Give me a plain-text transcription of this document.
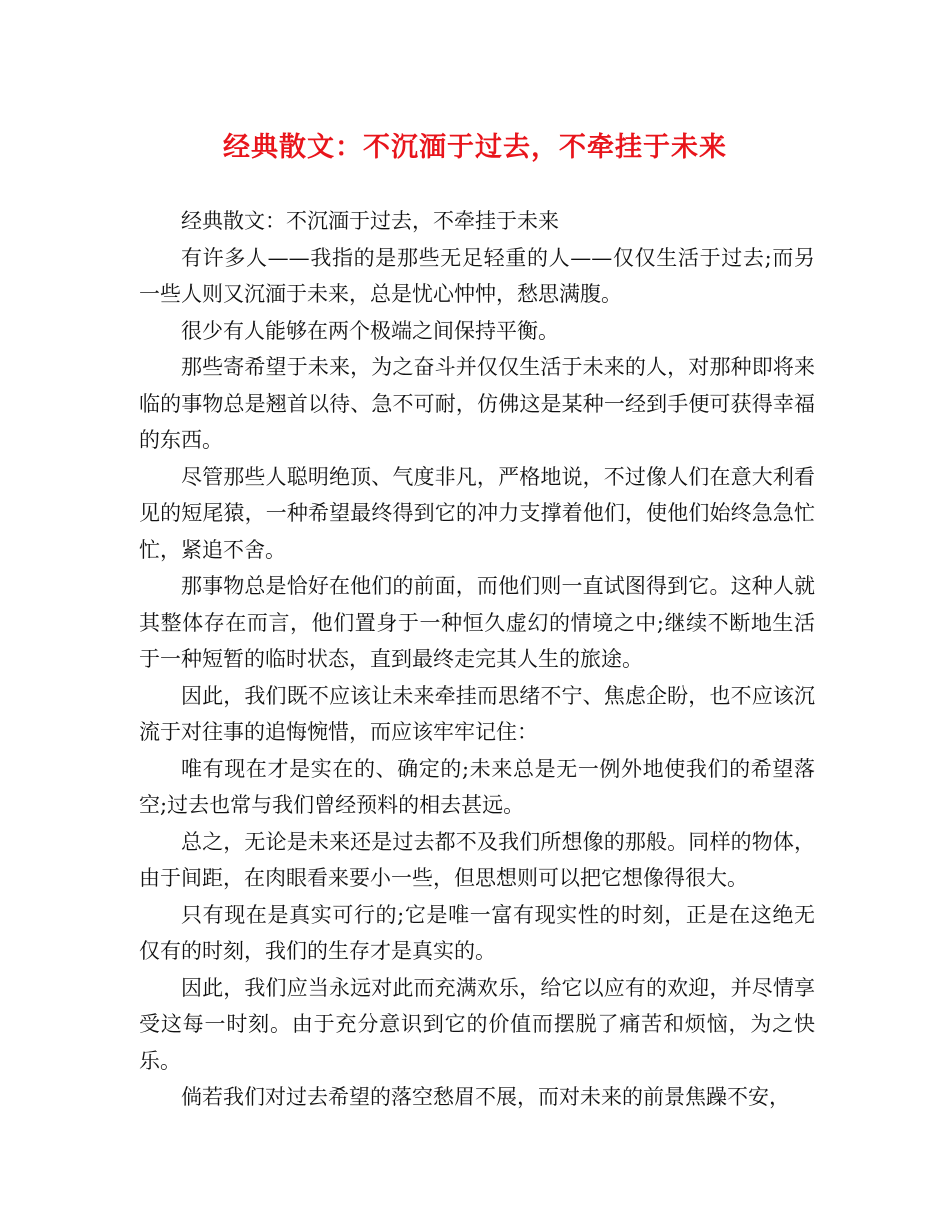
经典散文：不沉湎于过去，不牵挂于未来

经典散文：不沉湎于过去，不牵挂于未来

有许多人——我指的是那些无足轻重的人——仅仅生活于过去;而另一些人则又沉湎于未来，总是忧心忡忡，愁思满腹。

很少有人能够在两个极端之间保持平衡。

那些寄希望于未来，为之奋斗并仅仅生活于未来的人，对那种即将来临的事物总是翘首以待、急不可耐，仿佛这是某种一经到手便可获得幸福的东西。

尽管那些人聪明绝顶、气度非凡，严格地说，不过像人们在意大利看见的短尾猿，一种希望最终得到它的冲力支撑着他们，使他们始终急急忙忙，紧追不舍。

那事物总是恰好在他们的前面，而他们则一直试图得到它。这种人就其整体存在而言，他们置身于一种恒久虚幻的情境之中;继续不断地生活于一种短暂的临时状态，直到最终走完其人生的旅途。

因此，我们既不应该让未来牵挂而思绪不宁、焦虑企盼，也不应该沉流于对往事的追悔惋惜，而应该牢牢记住：

唯有现在才是实在的、确定的;未来总是无一例外地使我们的希望落空;过去也常与我们曾经预料的相去甚远。

总之，无论是未来还是过去都不及我们所想像的那般。同样的物体，由于间距，在肉眼看来要小一些，但思想则可以把它想像得很大。

只有现在是真实可行的;它是唯一富有现实性的时刻，正是在这绝无仅有的时刻，我们的生存才是真实的。

因此，我们应当永远对此而充满欢乐，给它以应有的欢迎，并尽情享受这每一时刻。由于充分意识到它的价值而摆脱了痛苦和烦恼，为之快乐。

倘若我们对过去希望的落空愁眉不展，而对未来的前景焦躁不安，
